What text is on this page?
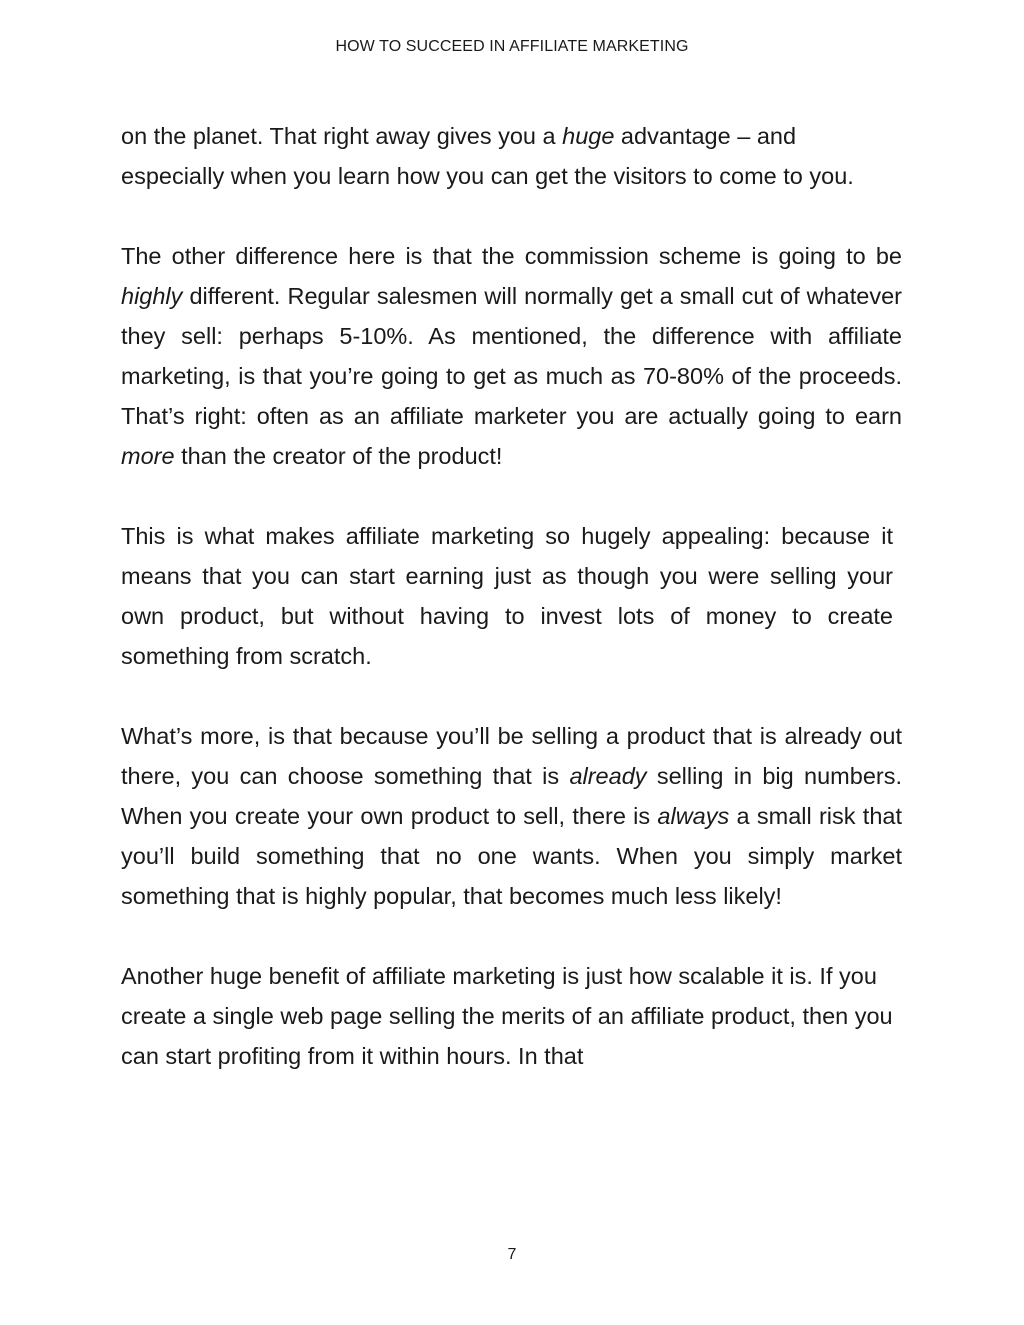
HOW TO SUCCEED IN AFFILIATE MARKETING

on the planet. That right away gives you a huge advantage – and especially when you learn how you can get the visitors to come to you.

The other difference here is that the commission scheme is going to be highly different. Regular salesmen will normally get a small cut of whatever they sell: perhaps 5-10%. As mentioned, the difference with affiliate marketing, is that you’re going to get as much as 70-80% of the proceeds. That’s right: often as an affiliate marketer you are actually going to earn more than the creator of the product!

This is what makes affiliate marketing so hugely appealing: because it means that you can start earning just as though you were selling your own product, but without having to invest lots of money to create something from scratch.

What’s more, is that because you’ll be selling a product that is already out there, you can choose something that is already selling in big numbers. When you create your own product to sell, there is always a small risk that you’ll build something that no one wants. When you simply market something that is highly popular, that becomes much less likely!

Another huge benefit of affiliate marketing is just how scalable it is. If you create a single web page selling the merits of an affiliate product, then you can start profiting from it within hours. In that

7
